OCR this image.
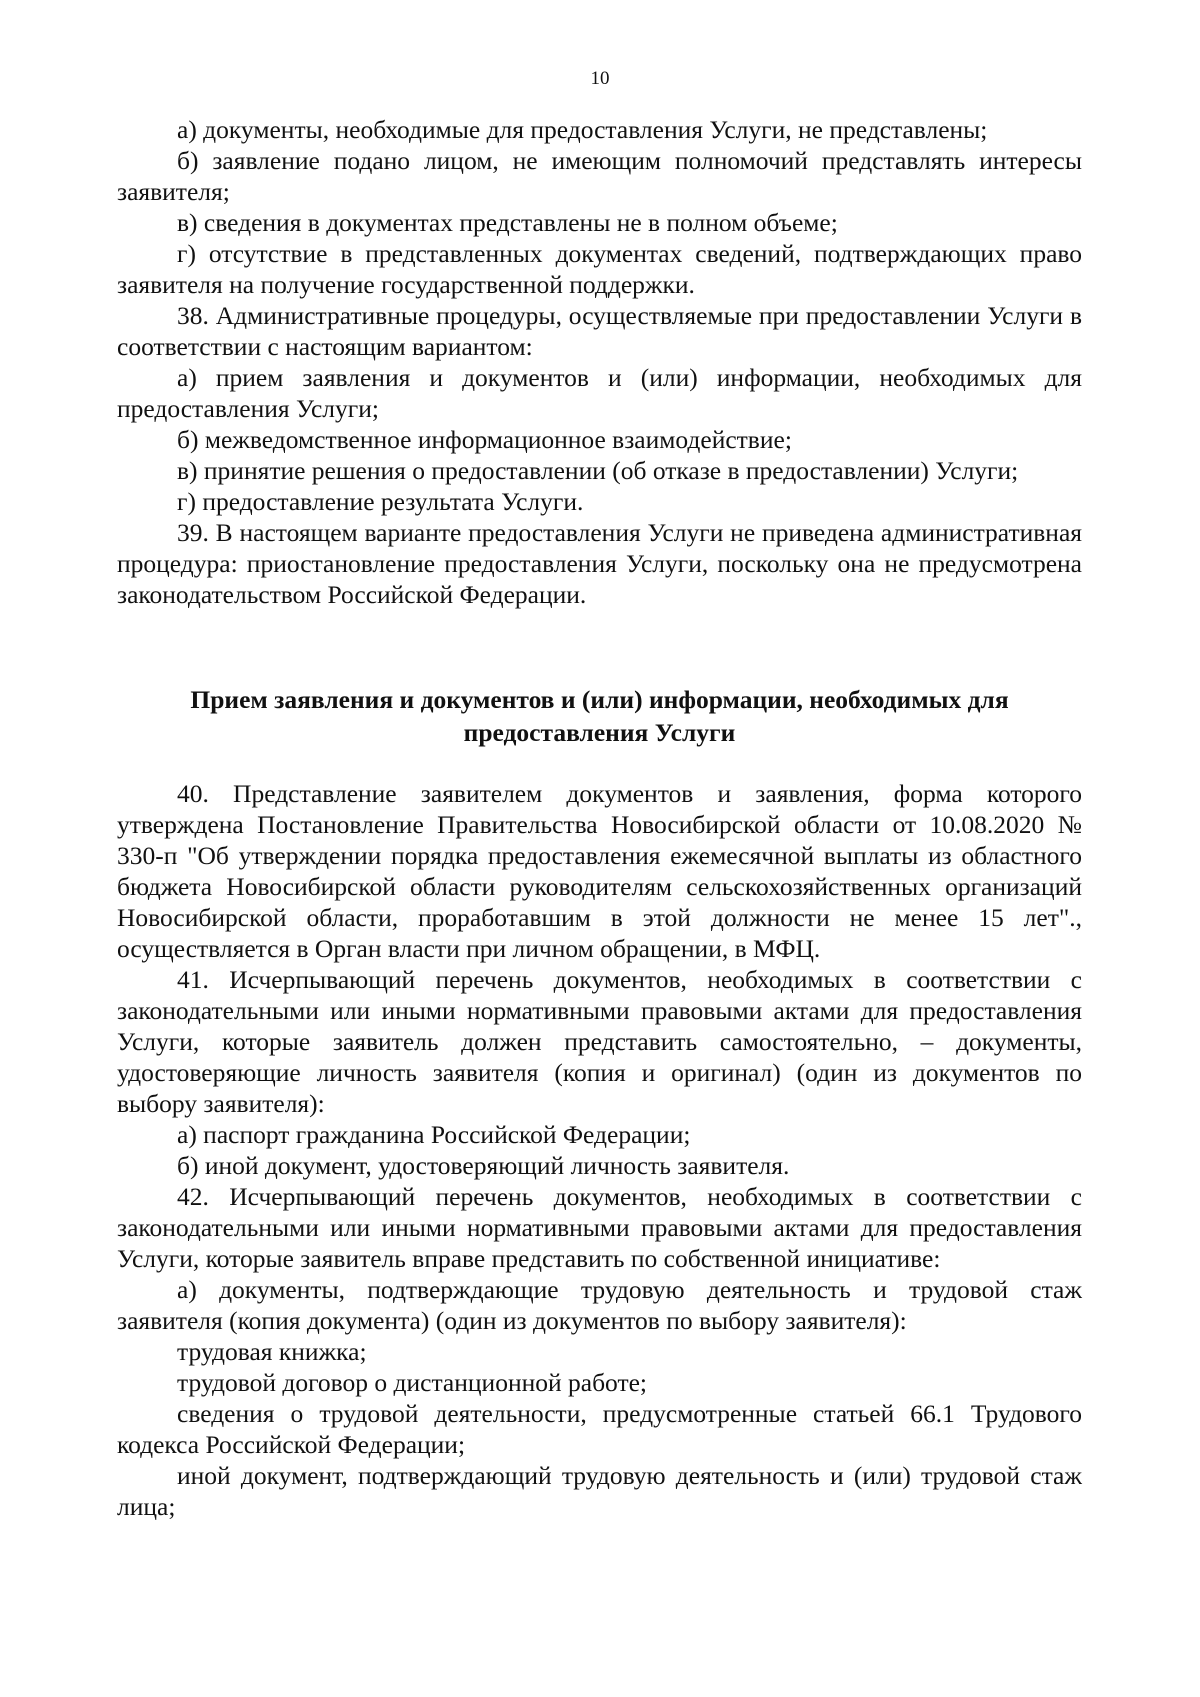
10

а) документы, необходимые для предоставления Услуги, не представлены;

б) заявление подано лицом, не имеющим полномочий представлять интересы заявителя;

в) сведения в документах представлены не в полном объеме;

г) отсутствие в представленных документах сведений, подтверждающих право заявителя на получение государственной поддержки.

38. Административные процедуры, осуществляемые при предоставлении Услуги в соответствии с настоящим вариантом:

а) прием заявления и документов и (или) информации, необходимых для предоставления Услуги;

б) межведомственное информационное взаимодействие;

в) принятие решения о предоставлении (об отказе в предоставлении) Услуги;

г) предоставление результата Услуги.

39. В настоящем варианте предоставления Услуги не приведена административная процедура: приостановление предоставления Услуги, поскольку она не предусмотрена законодательством Российской Федерации.

Прием заявления и документов и (или) информации, необходимых для предоставления Услуги

40. Представление заявителем документов и заявления, форма которого утверждена Постановление Правительства Новосибирской области от 10.08.2020 № 330-п "Об утверждении порядка предоставления ежемесячной выплаты из областного бюджета Новосибирской области руководителям сельскохозяйственных организаций Новосибирской области, проработавшим в этой должности не менее 15 лет"., осуществляется в Орган власти при личном обращении, в МФЦ.

41. Исчерпывающий перечень документов, необходимых в соответствии с законодательными или иными нормативными правовыми актами для предоставления Услуги, которые заявитель должен представить самостоятельно, – документы, удостоверяющие личность заявителя (копия и оригинал) (один из документов по выбору заявителя):

а) паспорт гражданина Российской Федерации;

б) иной документ, удостоверяющий личность заявителя.

42. Исчерпывающий перечень документов, необходимых в соответствии с законодательными или иными нормативными правовыми актами для предоставления Услуги, которые заявитель вправе представить по собственной инициативе:

а) документы, подтверждающие трудовую деятельность и трудовой стаж заявителя (копия документа) (один из документов по выбору заявителя):

трудовая книжка;

трудовой договор о дистанционной работе;

сведения о трудовой деятельности, предусмотренные статьей 66.1 Трудового кодекса Российской Федерации;

иной документ, подтверждающий трудовую деятельность и (или) трудовой стаж лица;
